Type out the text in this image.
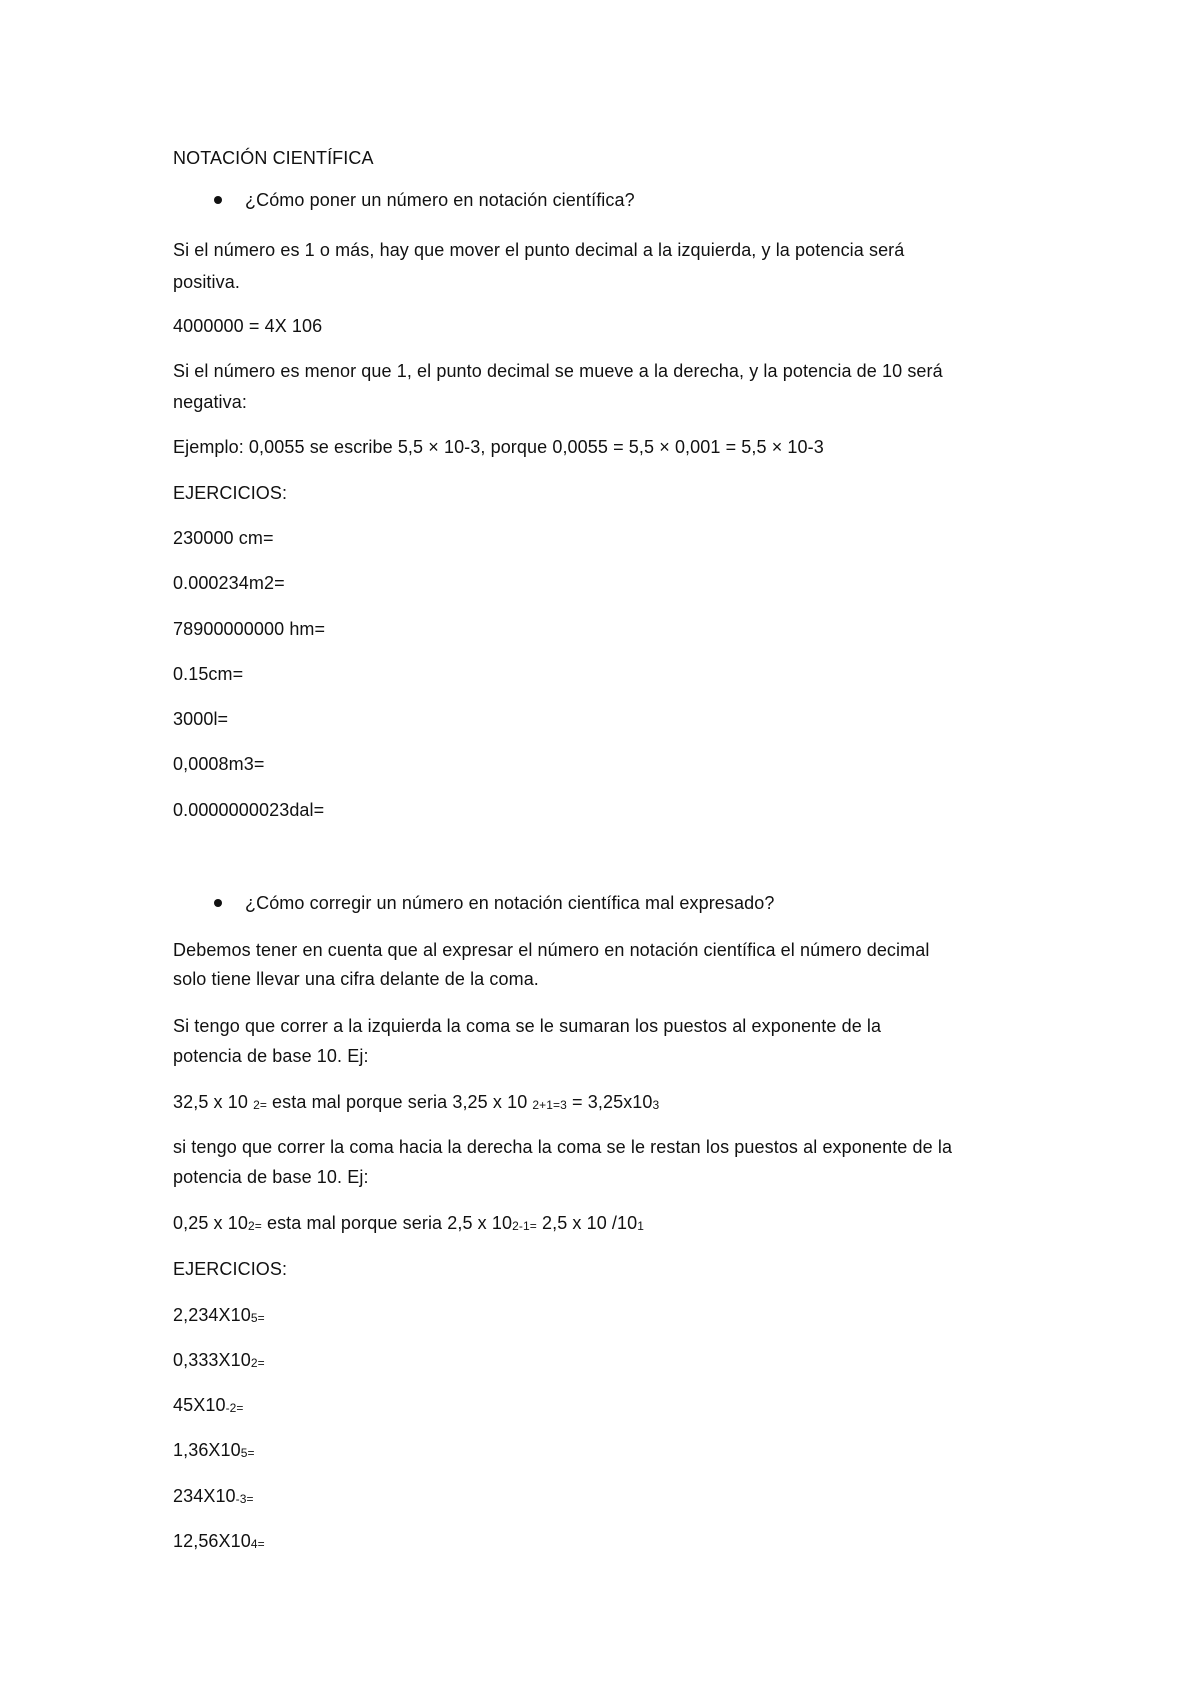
NOTACIÓN CIENTÍFICA
¿Cómo poner un número en notación científica?
Si el número es 1 o más, hay que mover el punto decimal a la izquierda, y la potencia será
positiva.
4000000 = 4X 106
Si el número es menor que 1, el punto decimal se mueve a la derecha, y la potencia de 10 será
negativa:
Ejemplo: 0,0055 se escribe 5,5 × 10-3, porque 0,0055 = 5,5 × 0,001 = 5,5 × 10-3
EJERCICIOS:
230000 cm=
0.000234m2=
78900000000 hm=
0.15cm=
3000l=
0,0008m3=
0.0000000023dal=
¿Cómo corregir un número en notación científica mal expresado?
Debemos tener en cuenta que al expresar el número en notación científica el número decimal
solo tiene llevar una cifra delante de la coma.
Si tengo que correr a la izquierda la coma se le sumaran los puestos al exponente de la
potencia de base 10. Ej:
32,5 x 10 $_{2=}$ esta mal porque seria 3,25 x 10 $_{2+1=3} = 3,25x10_3$
si tengo que correr la coma hacia la derecha la coma se le restan los puestos al exponente de la
potencia de base 10. Ej:
0,25 x $10_{2=}$ esta mal porque seria 2,5 x $10_{2-1=}$ 2,5 x 10 $/10_1$
EJERCICIOS:
$2,234X10_{5=}$
$0,333X10_{2=}$
$45X10_{-2=}$
$1,36X10_{5=}$
$234X10_{-3=}$
$12,56X10_{4=}$
